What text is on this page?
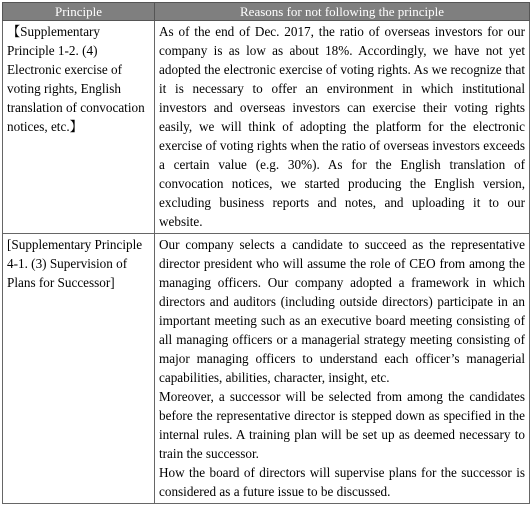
Principle	Reasons for not following the principle
【Supplementary Principle 1-2. (4) Electronic exercise of voting rights, English translation of convocation notices, etc.】	As of the end of Dec. 2017, the ratio of overseas investors for our company is as low as about 18%. Accordingly, we have not yet adopted the electronic exercise of voting rights. As we recognize that it is necessary to offer an environment in which institutional investors and overseas investors can exercise their voting rights easily, we will think of adopting the platform for the electronic exercise of voting rights when the ratio of overseas investors exceeds a certain value (e.g. 30%). As for the English translation of convocation notices, we started producing the English version, excluding business reports and notes, and uploading it to our website.

[Supplementary Principle 4-1. (3) Supervision of Plans for Successor]	Our company selects a candidate to succeed as the representative director president who will assume the role of CEO from among the managing officers. Our company adopted a framework in which directors and auditors (including outside directors) participate in an important meeting such as an executive board meeting consisting of all managing officers or a managerial strategy meeting consisting of major managing officers to understand each officer’s managerial capabilities, abilities, character, insight, etc.
Moreover, a successor will be selected from among the candidates before the representative director is stepped down as specified in the internal rules. A training plan will be set up as deemed necessary to train the successor.
How the board of directors will supervise plans for the successor is considered as a future issue to be discussed.
